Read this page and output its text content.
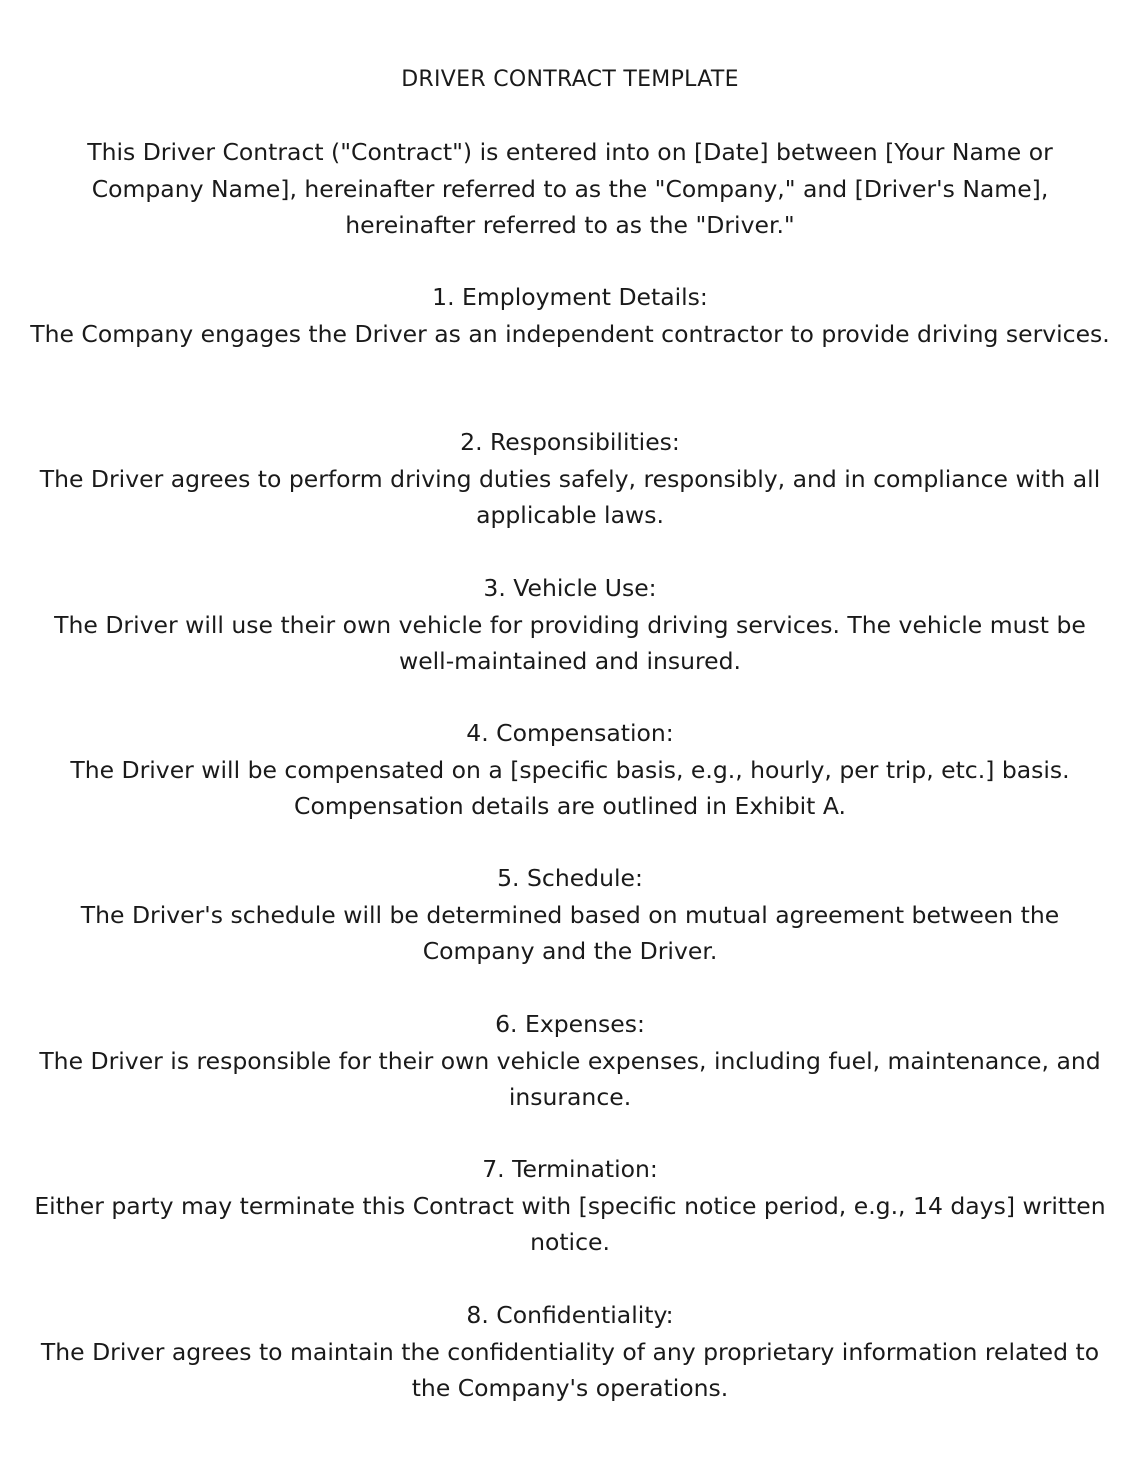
DRIVER CONTRACT TEMPLATE

This Driver Contract ("Contract") is entered into on [Date] between [Your Name or Company Name], hereinafter referred to as the "Company," and [Driver's Name], hereinafter referred to as the "Driver."

1. Employment Details:

The Company engages the Driver as an independent contractor to provide driving services.

2. Responsibilities:

The Driver agrees to perform driving duties safely, responsibly, and in compliance with all applicable laws.

3. Vehicle Use:

The Driver will use their own vehicle for providing driving services. The vehicle must be well-maintained and insured.

4. Compensation:

The Driver will be compensated on a [specific basis, e.g., hourly, per trip, etc.] basis. Compensation details are outlined in Exhibit A.

5. Schedule:

The Driver's schedule will be determined based on mutual agreement between the Company and the Driver.

6. Expenses:

The Driver is responsible for their own vehicle expenses, including fuel, maintenance, and insurance.

7. Termination:

Either party may terminate this Contract with [specific notice period, e.g., 14 days] written notice.

8. Confidentiality:

The Driver agrees to maintain the confidentiality of any proprietary information related to the Company's operations.
